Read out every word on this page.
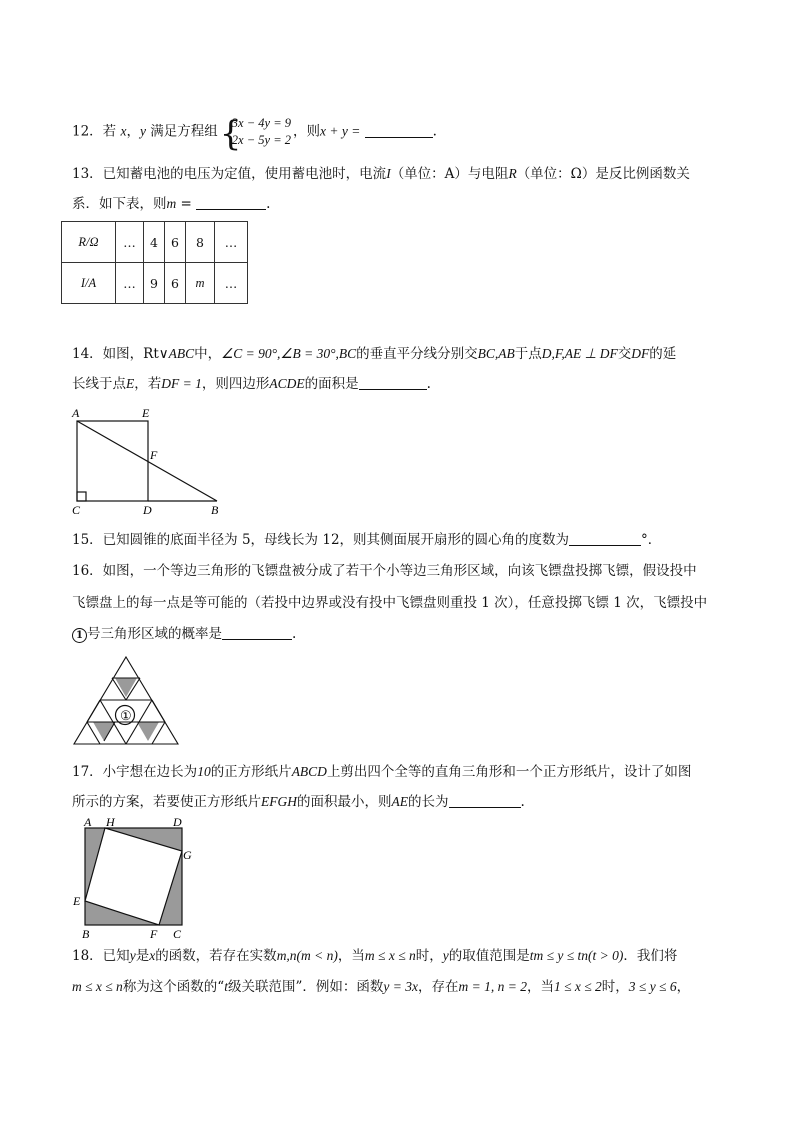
12．若 x，y 满足方程组 {
3x − 4y = 9
2x − 5y = 2
，则x + y =	.
13．已知蓄电池的电压为定值，使用蓄电池时，电流I（单位：A）与电阻R（单位：Ω）是反比例函数关
系．如下表，则m =	.
R/Ω	…	4	6	8	…
I/A	…	9	6	m	…
14．如图，Rt∨ABC中，∠C = 90°,∠B = 30°,BC的垂直平分线分别交BC,AB于点D,F,AE ⊥ DF交DF的延
长线于点E，若DF = 1，则四边形ACDE的面积是	.
A	E
F
C	D	B
15．已知圆锥的底面半径为 5，母线长为 12，则其侧面展开扇形的圆心角的度数为	°．
16．如图，一个等边三角形的飞镖盘被分成了若干个小等边三角形区域，向该飞镖盘投掷飞镖，假设投中
飞镖盘上的每一点是等可能的（若投中边界或没有投中飞镖盘则重投 1 次），任意投掷飞镖 1 次，飞镖投中
1 号三角形区域的概率是	.
①
17．小宇想在边长为10的正方形纸片ABCD上剪出四个全等的直角三角形和一个正方形纸片，设计了如图
所示的方案，若要使正方形纸片EFGH的面积最小，则AE的长为	.
A H	D
G
E
B	F C
18．已知y是x的函数，若存在实数m,n(m < n)，当m ≤ x ≤ n时，y的取值范围是tm ≤ y ≤ tn(t > 0)．我们将
m ≤ x ≤ n称为这个函数的“t级关联范围”．例如：函数y = 3x，存在m = 1, n = 2，当1 ≤ x ≤ 2时，3 ≤ y ≤ 6，
